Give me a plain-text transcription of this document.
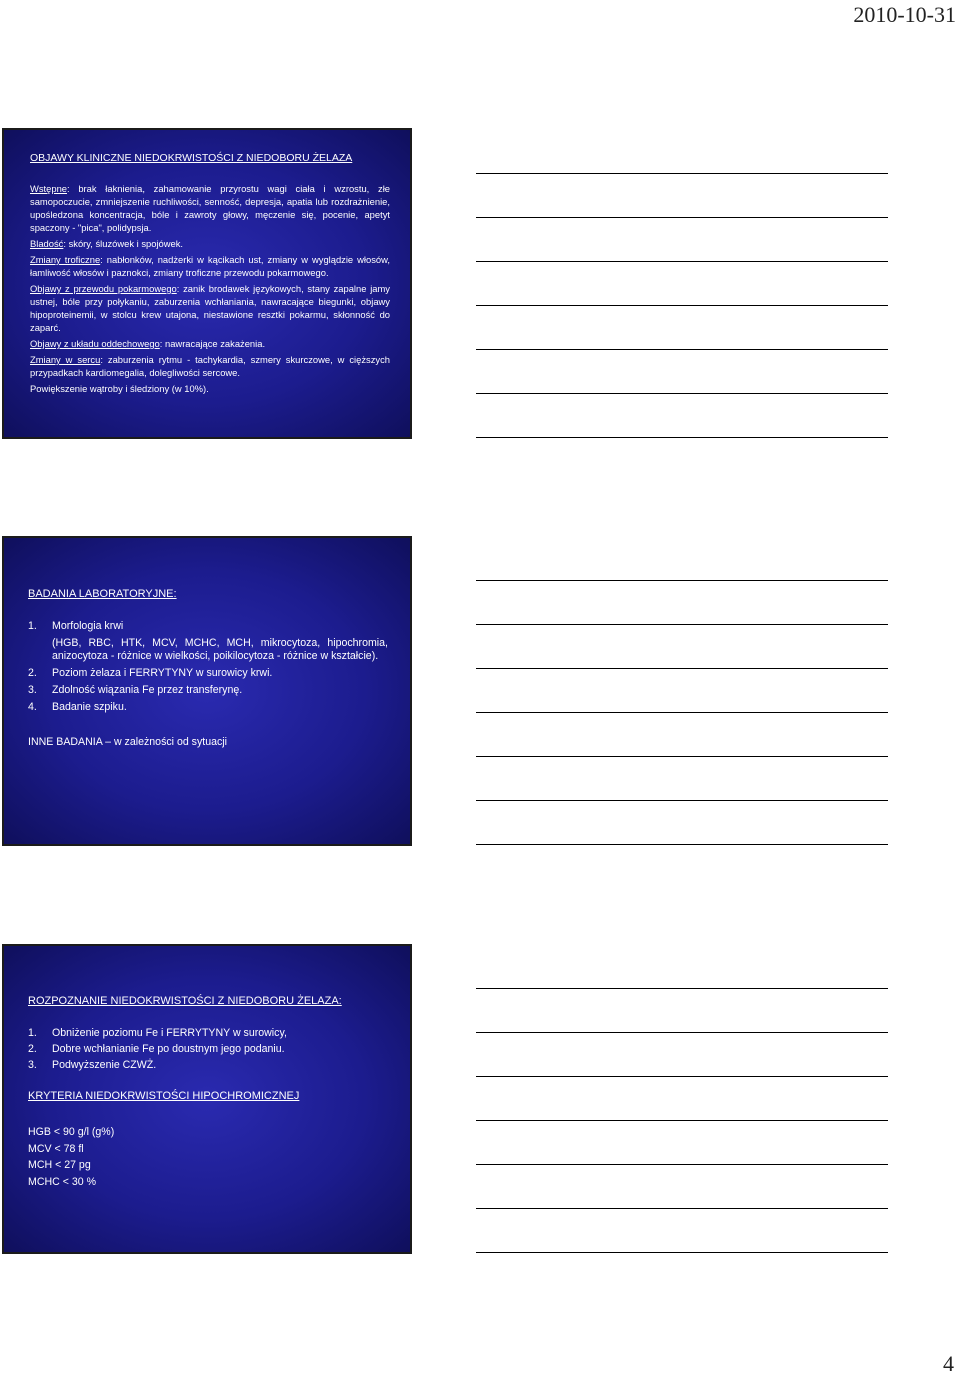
2010-10-31
OBJAWY KLINICZNE NIEDOKRWISTOŚCI Z NIEDOBORU ŻELAZA

Wstępne: brak łaknienia, zahamowanie przyrostu wagi ciała i wzrostu, złe samopoczucie, zmniejszenie ruchliwości, senność, depresja, apatia lub rozdrażnienie, upośledzona koncentracja, bóle i zawroty głowy, męczenie się, pocenie, apetyt spaczony - "pica", polidypsja.

Bladość: skóry, śluzówek i spojówek.

Zmiany troficzne: nabłonków, nadżerki w kącikach ust, zmiany w wyglądzie włosów, łamliwość włosów i paznokci, zmiany troficzne przewodu pokarmowego.

Objawy z przewodu pokarmowego: zanik brodawek językowych, stany zapalne jamy ustnej, bóle przy połykaniu, zaburzenia wchłaniania, nawracające biegunki, objawy hipoproteinemii, w stolcu krew utajona, niestawione resztki pokarmu, skłonność do zaparć.

Objawy z układu oddechowego: nawracające zakażenia.

Zmiany w sercu: zaburzenia rytmu - tachykardia, szmery skurczowe, w cięższych przypadkach kardiomegalia, dolegliwości sercowe.

Powiększenie wątroby i śledziony (w 10%).

BADANIA LABORATORYJNE:
1.	Morfologia krwi
(HGB, RBC, HTK, MCV, MCHC, MCH, mikrocytoza, hipochromia, anizocytoza - różnice w wielkości, poikilocytoza - różnice w kształcie).
2.	Poziom żelaza i FERRYTYNY w surowicy krwi.
3.	Zdolność wiązania Fe przez transferynę.
4.	Badanie szpiku.
INNE BADANIA – w zależności od sytuacji
ROZPOZNANIE NIEDOKRWISTOŚCI Z NIEDOBORU ŻELAZA:
1.	Obniżenie poziomu Fe i FERRYTYNY w surowicy,
2.	Dobre wchłanianie Fe po doustnym jego podaniu.
3.	Podwyższenie CZWŻ.
KRYTERIA NIEDOKRWISTOŚCI HIPOCHROMICZNEJ
HGB < 90 g/l (g%)
MCV < 78 fl
MCH < 27 pg
MCHC < 30 %
4
